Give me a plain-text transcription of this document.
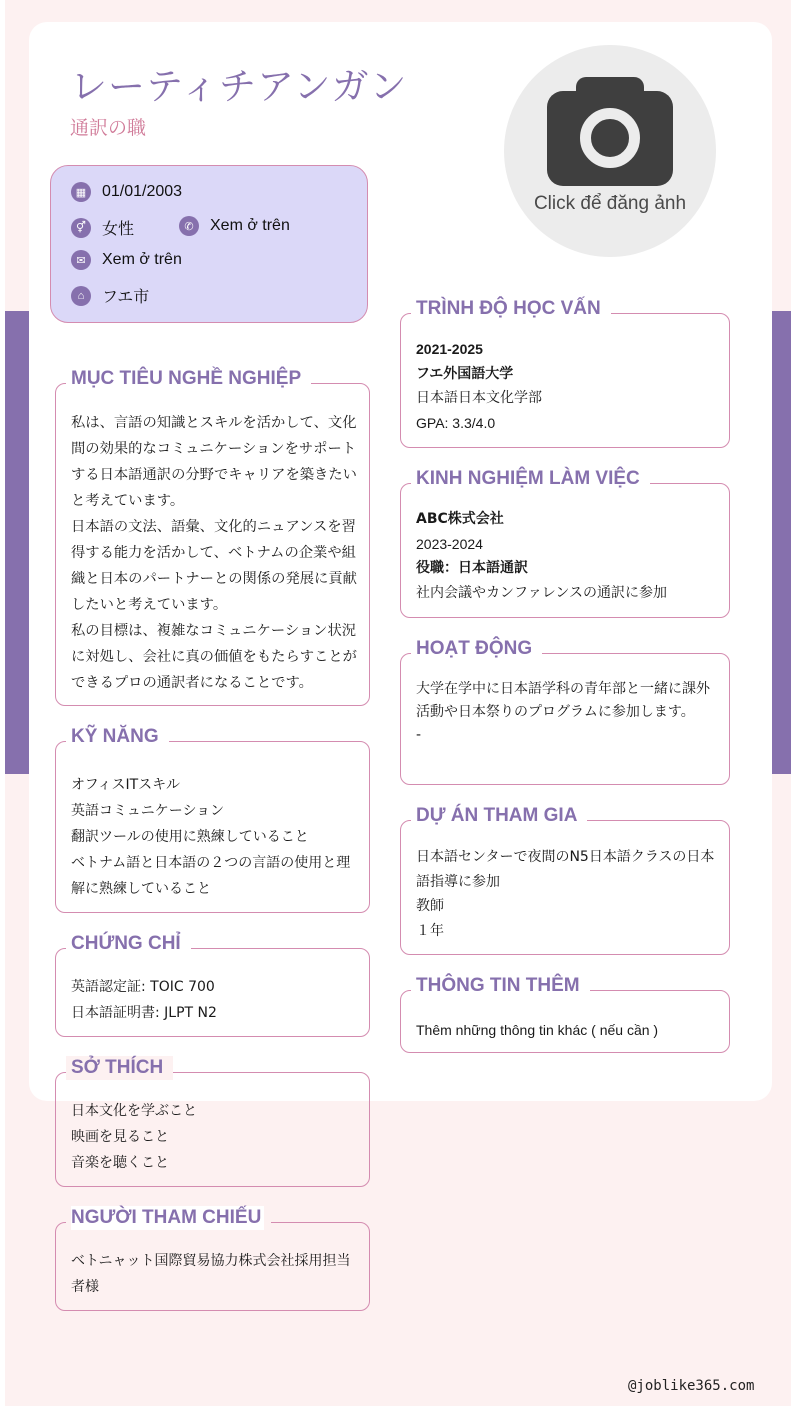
レーティチアンガン
通訳の職
Click để đăng ảnh
▦ 01/01/2003
⚥	女性	✆	Xem ở trên
✉	Xem ở trên
⌂	フエ市
MỤC TIÊU NGHỀ NGHIỆP
私は、言語の知識とスキルを活かして、文化間の効果的なコミュニケーションをサポートする日本語通訳の分野でキャリアを築きたいと考えています。
日本語の文法、語彙、文化的ニュアンスを習得する能力を活かして、ベトナムの企業や組織と日本のパートナーとの関係の発展に貢献したいと考えています。
私の目標は、複雑なコミュニケーション状況に対処し、会社に真の価値をもたらすことができるプロの通訳者になることです。
KỸ NĂNG
オフィスITスキル
英語コミュニケーション
翻訳ツールの使用に熟練していること
ベトナム語と日本語の２つの言語の使用と理解に熟練していること
CHỨNG CHỈ
英語認定証: TOIC 700
日本語証明書: JLPT N2
SỞ THÍCH
日本文化を学ぶこと
映画を見ること
音楽を聴くこと
NGƯỜI THAM CHIẾU
ベトニャット国際貿易協力株式会社採用担当者様
TRÌNH ĐỘ HỌC VẤN
2021-2025
フエ外国語大学
日本語日本文化学部
GPA: 3.3/4.0
KINH NGHIỆM LÀM VIỆC
ABC株式会社
2023-2024
役職：日本語通訳
社内会議やカンファレンスの通訳に参加
HOẠT ĐỘNG
大学在学中に日本語学科の青年部と一緒に課外活動や日本祭りのプログラムに参加します。
-
DỰ ÁN THAM GIA
日本語センターで夜間のN5日本語クラスの日本語指導に参加
教師
１年
THÔNG TIN THÊM
Thêm những thông tin khác ( nếu cần )
@joblike365.com
